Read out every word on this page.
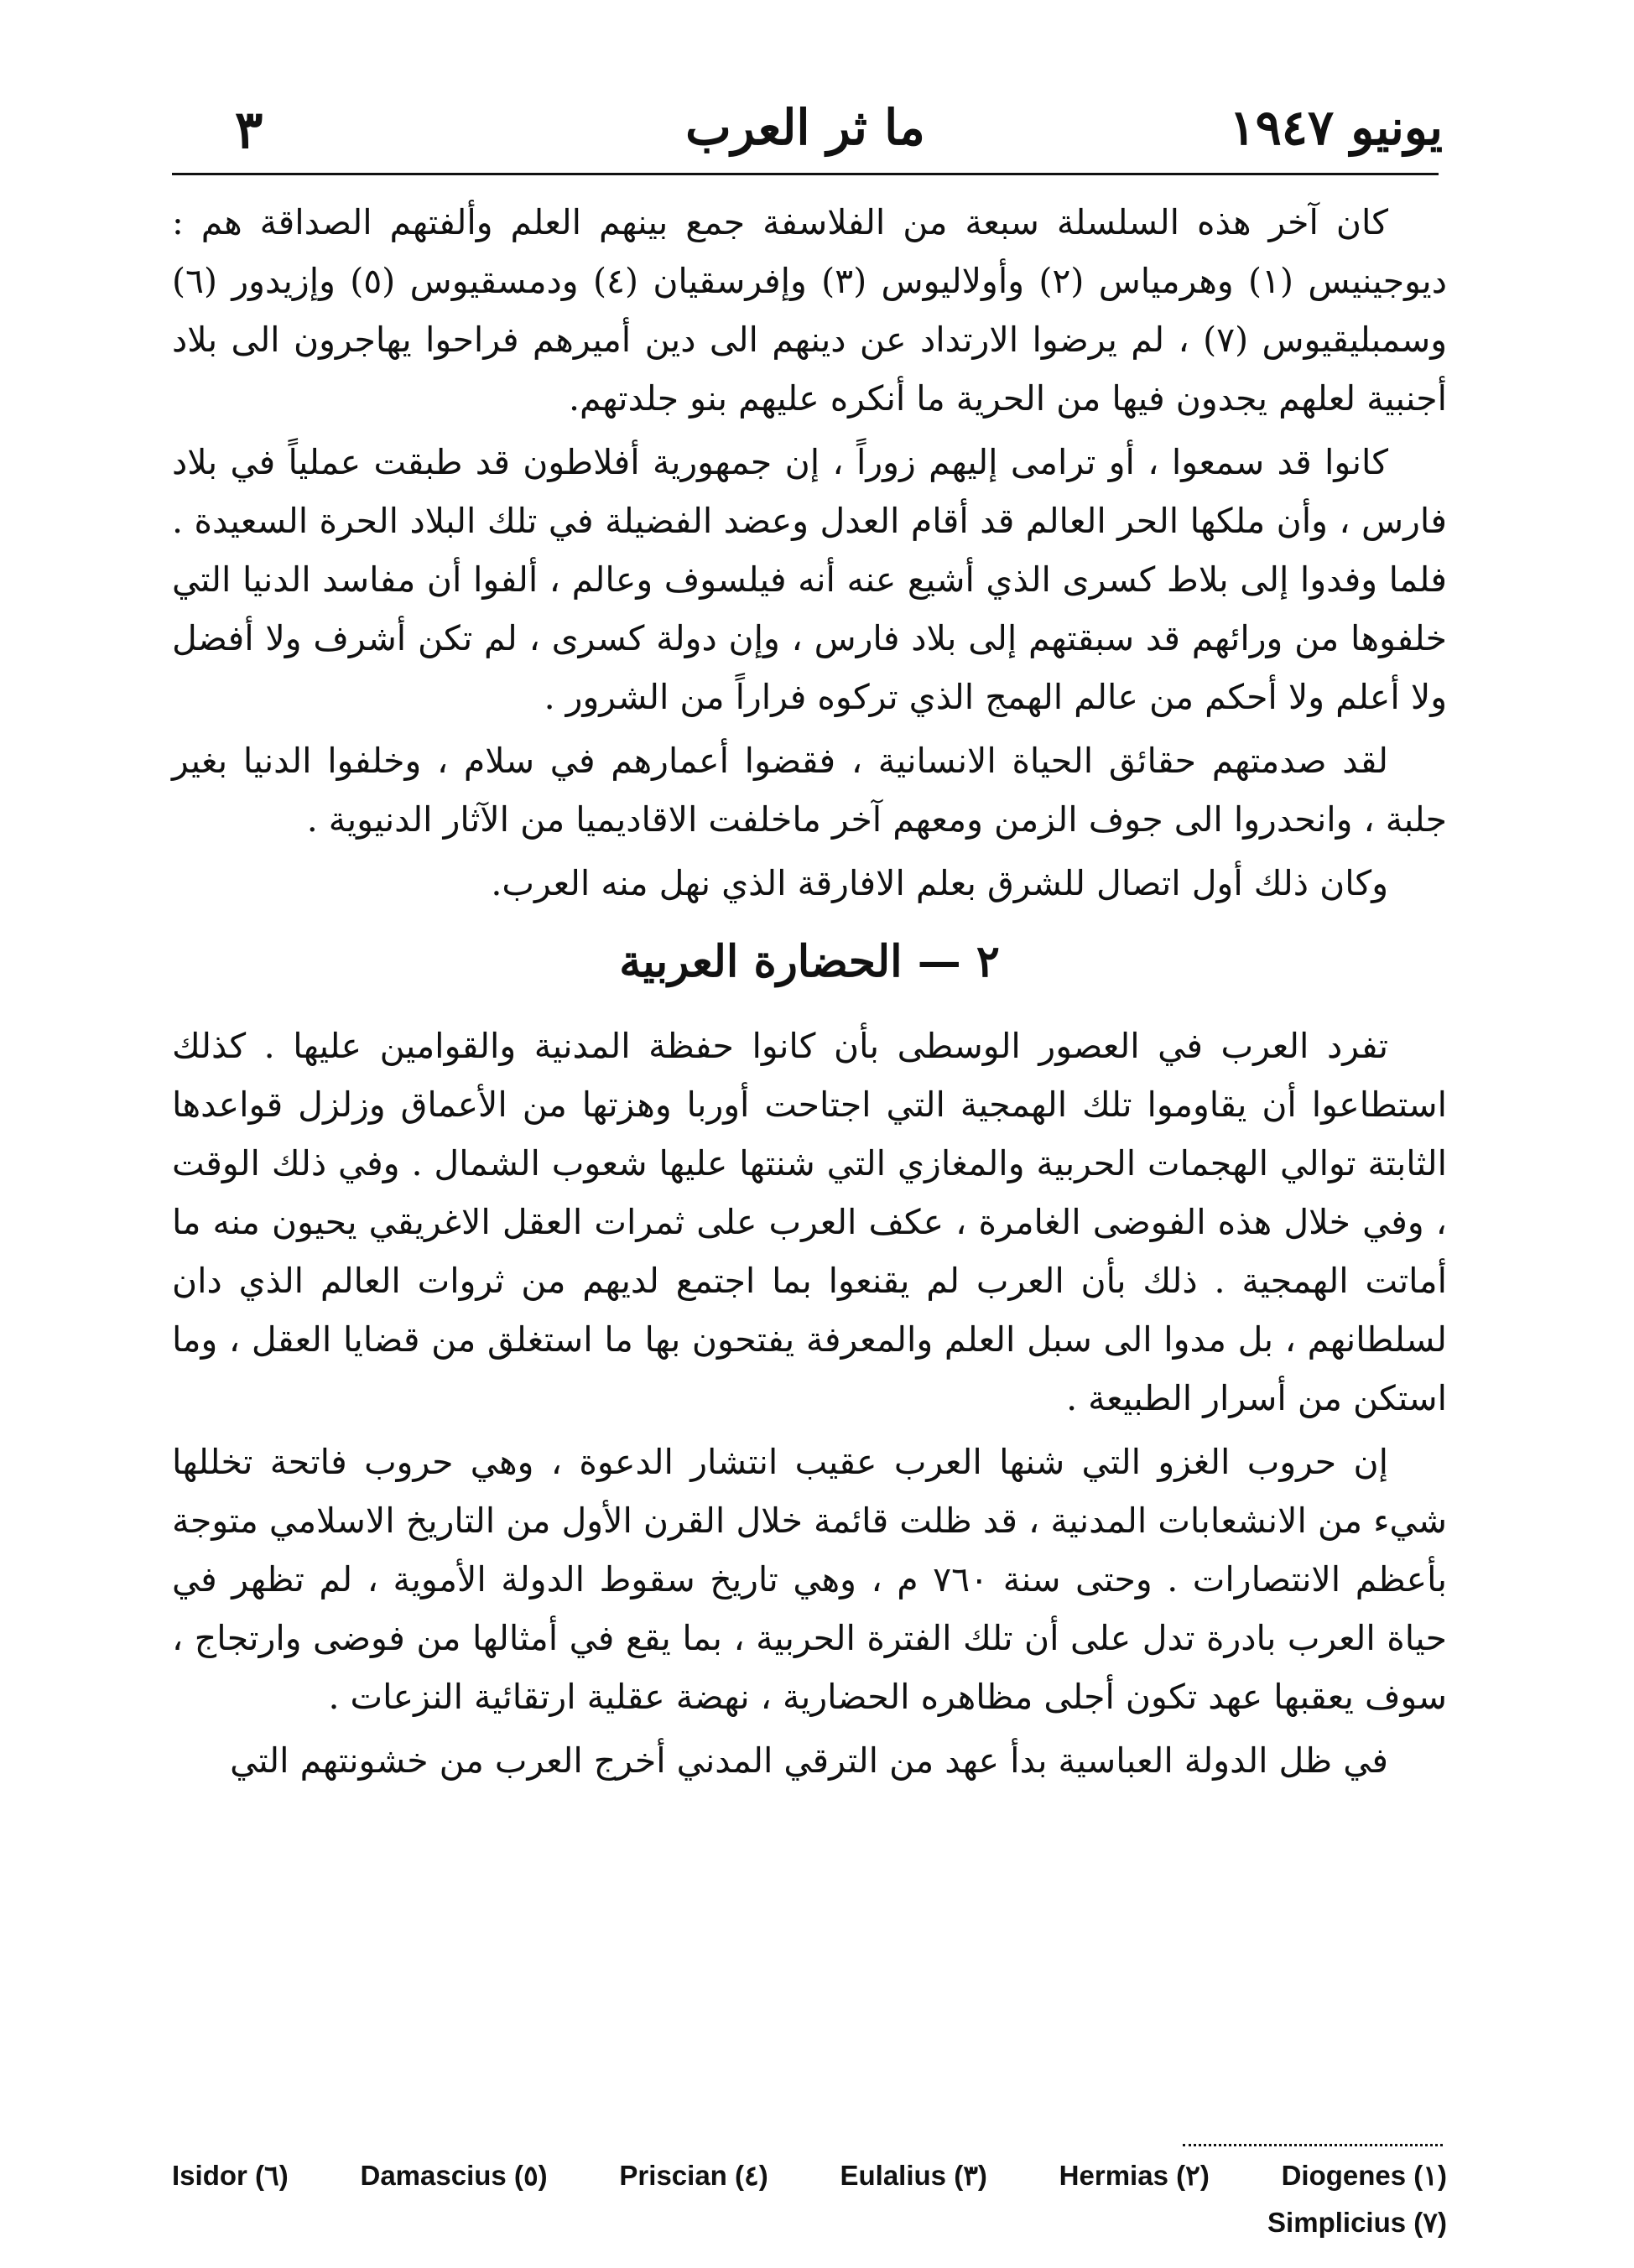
يونيو ١٩٤٧
ما ثر العرب
٣

كان آخر هذه السلسلة سبعة من الفلاسفة جمع بينهم العلم وألفتهم الصداقة هم : ديوجينيس (١) وهرمياس (٢) وأولاليوس (٣) وإفرسقيان (٤) ودمسقيوس (٥) وإزيدور (٦) وسمبليقيوس (٧) ، لم يرضوا الارتداد عن دينهم الى دين أميرهم فراحوا يهاجرون الى بلاد أجنبية لعلهم يجدون فيها من الحرية ما أنكره عليهم بنو جلدتهم.

كانوا قد سمعوا ، أو ترامى إليهم زوراً ، إن جمهورية أفلاطون قد طبقت عملياً في بلاد فارس ، وأن ملكها الحر العالم قد أقام العدل وعضد الفضيلة في تلك البلاد الحرة السعيدة . فلما وفدوا إلى بلاط كسرى الذي أشيع عنه أنه فيلسوف وعالم ، ألفوا أن مفاسد الدنيا التي خلفوها من ورائهم قد سبقتهم إلى بلاد فارس ، وإن دولة كسرى ، لم تكن أشرف ولا أفضل ولا أعلم ولا أحكم من عالم الهمج الذي تركوه فراراً من الشرور .

لقد صدمتهم حقائق الحياة الانسانية ، فقضوا أعمارهم في سلام ، وخلفوا الدنيا بغير جلبة ، وانحدروا الى جوف الزمن ومعهم آخر ماخلفت الاقاديميا من الآثار الدنيوية .

وكان ذلك أول اتصال للشرق بعلم الافارقة الذي نهل منه العرب.

٢ — الحضارة العربية

تفرد العرب في العصور الوسطى بأن كانوا حفظة المدنية والقوامين عليها . كذلك استطاعوا أن يقاوموا تلك الهمجية التي اجتاحت أوربا وهزتها من الأعماق وزلزل قواعدها الثابتة توالي الهجمات الحربية والمغازي التي شنتها عليها شعوب الشمال . وفي ذلك الوقت ، وفي خلال هذه الفوضى الغامرة ، عكف العرب على ثمرات العقل الاغريقي يحيون منه ما أماتت الهمجية . ذلك بأن العرب لم يقنعوا بما اجتمع لديهم من ثروات العالم الذي دان لسلطانهم ، بل مدوا الى سبل العلم والمعرفة يفتحون بها ما استغلق من قضايا العقل ، وما استكن من أسرار الطبيعة .

إن حروب الغزو التي شنها العرب عقيب انتشار الدعوة ، وهي حروب فاتحة تخللها شيء من الانشعابات المدنية ، قد ظلت قائمة خلال القرن الأول من التاريخ الاسلامي متوجة بأعظم الانتصارات . وحتى سنة ٧٦٠ م ، وهي تاريخ سقوط الدولة الأموية ، لم تظهر في حياة العرب بادرة تدل على أن تلك الفترة الحربية ، بما يقع في أمثالها من فوضى وارتجاج ، سوف يعقبها عهد تكون أجلى مظاهره الحضارية ، نهضة عقلية ارتقائية النزعات .

في ظل الدولة العباسية بدأ عهد من الترقي المدني أخرج العرب من خشونتهم التي

Diogenes (١)
Hermias (٢)
Eulalius (٣)
Priscian (٤)
Damascius (٥)
Isidor (٦)
Simplicius (٧)
